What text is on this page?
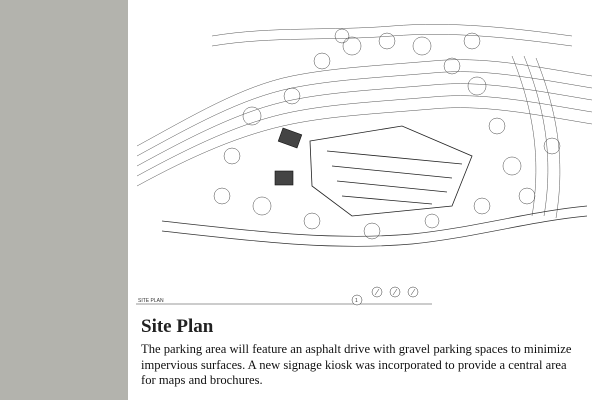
SITE PLAN	1
Site Plan

The parking area will feature an asphalt drive with gravel parking spaces to minimize impervious surfaces. A new signage kiosk was incorporated to provide a central area for maps and brochures.
